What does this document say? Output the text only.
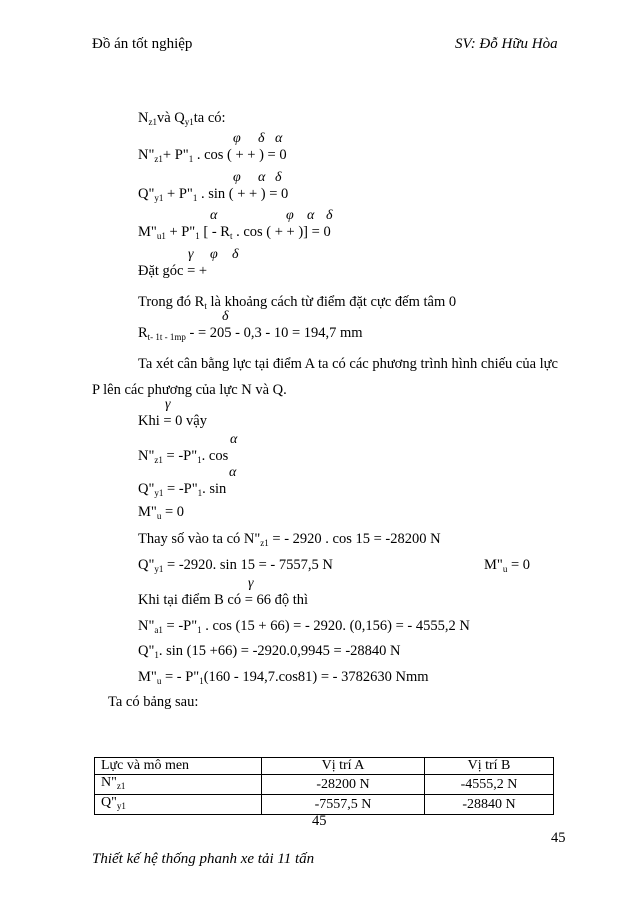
Đồ án tốt nghiệp	SV: Đỗ Hữu Hòa
$N_{z1}và$ $Q_{y1}ta$ có:
φ δ α
$N"_{z1}+$ $P"_1$ . cos ( + + ) = 0
φ α δ
$Q"_{y1}$ + $P"_1$ . sin ( + + ) = 0
α	φ α δ
$M"_{u1}$ + $P"_1$ [ - $R_t$ . cos ( + + )] = 0
γ φ δ
Đặt góc = +
Trong đó $R_t$ là khoảng cách từ điểm đặt cực đếm tâm 0
δ
$R_{t- 1t - 1mp}$ - = 205 - 0,3 - 10 = 194,7 mm
Ta xét cân bằng lực tại điểm A ta có các phương trình hình chiếu của lực
P lên các phương của lực N và Q.
γ
Khi = 0 vậy
α
$N"_{z1}$ = $-P"_1$. cos
α
$Q"_{y1}$ = $-P"_1$. sin
$M"_u = 0$
Thay số vào ta có $N"_{z1}$ = - 2920 . cos 15 = -28200 N
$Q"_{y1} = -2920$. sin 15 = - 7557,5 N	$M"_u = 0$
γ
Khi tại điểm B có = 66 độ thì
$N"_{a1}$ = $-P"_1$ . cos (15 + 66) = - 2920. (0,156) = - 4555,2 N
$Q"_1$. sin (15 +66) = -2920.0,9945 = -28840 N
$M"_u$ = - $P"_1(160 - 194,7.\cos 81)$ = - 3782630 Nmm
Ta có bảng sau:
Lực và mô men	Vị trí A	Vị trí B
$N"_{z1}$	-28200 N	-4555,2 N
$Q"_{y1}$	-7557,5 N	-28840 N
45
45
Thiết kế hệ thống phanh xe tải 11 tấn
